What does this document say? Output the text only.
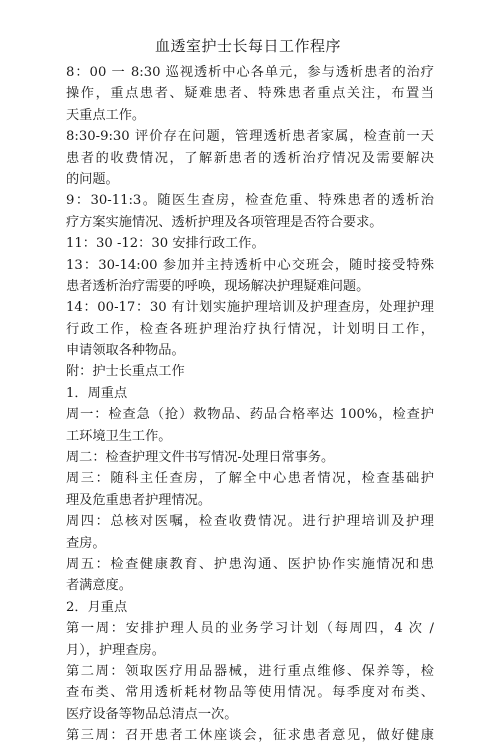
血透室护士长每日工作程序
8：00 一 8:30 巡视透析中心各单元，参与透析患者的治疗
操作，重点患者、疑难患者、特殊患者重点关注，布置当
天重点工作。
8:30-9:30 评价存在问题，管理透析患者家属，检查前一天
患者的收费情况，了解新患者的透析治疗情况及需要解决
的问题。
9：30-11:3。随医生查房，检查危重、特殊患者的透析治
疗方案实施情况、透析护理及各项管理是否符合要求。
11：30 -12：30 安排行政工作。
13：30-14:00 参加并主持透析中心交班会，随时接受特殊
患者透析治疗需要的呼唤，现场解决护理疑难问题。
14：00-17：30 有计划实施护理培训及护理查房，处理护理
行政工作，检查各班护理治疗执行情况，计划明日工作，
申请领取各种物品。
附：护士长重点工作
1．周重点
周一：检查急（抢）救物品、药品合格率达 100%，检查护
工环境卫生工作。
周二：检查护理文件书写情况-处理日常事务。
周三：随科主任查房，了解全中心患者情况，检查基础护
理及危重患者护理情况。
周四：总核对医嘱，检查收费情况。进行护理培训及护理
查房。
周五：检查健康教育、护患沟通、医护协作实施情况和患
者满意度。
2．月重点
第一周：安排护理人员的业务学习计划（每周四，4 次 /
月），护理查房。
第二周：领取医疗用品器械，进行重点维修、保养等，检
查布类、常用透析耗材物品等使用情况。每季度对布类、
医疗设备等物品总清点一次。
第三周：召开患者工休座谈会，征求患者意见，做好健康
